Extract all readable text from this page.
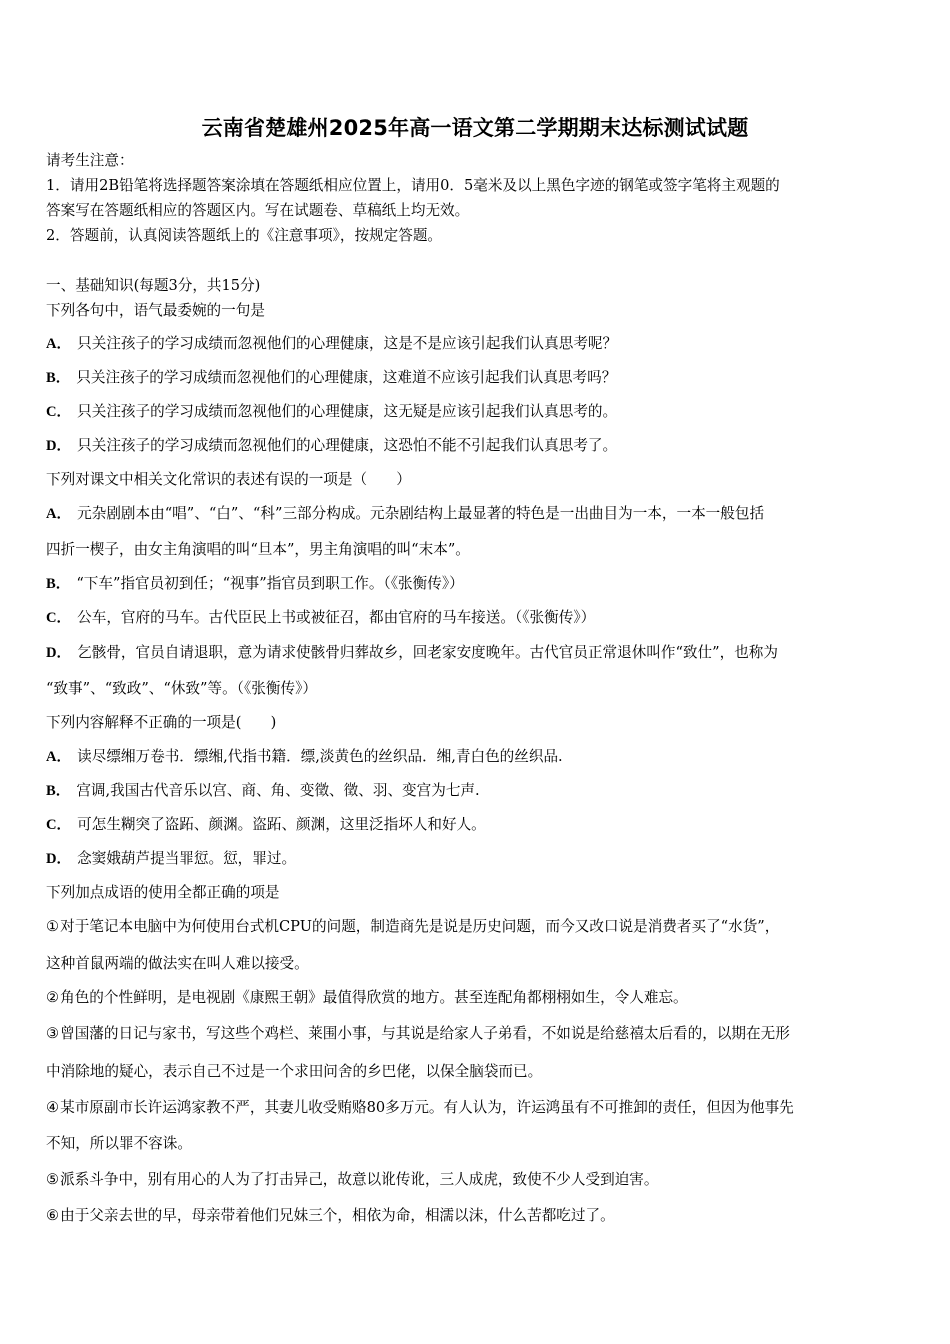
云南省楚雄州2025年高一语文第二学期期末达标测试试题
请考生注意：
1．请用2B铅笔将选择题答案涂填在答题纸相应位置上，请用0．5毫米及以上黑色字迹的钢笔或签字笔将主观题的
答案写在答题纸相应的答题区内。写在试题卷、草稿纸上均无效。
2．答题前，认真阅读答题纸上的《注意事项》，按规定答题。
一、基础知识(每题3分，共15分)
下列各句中，语气最委婉的一句是
A． 只关注孩子的学习成绩而忽视他们的心理健康，这是不是应该引起我们认真思考呢？
B． 只关注孩子的学习成绩而忽视他们的心理健康，这难道不应该引起我们认真思考吗？
C． 只关注孩子的学习成绩而忽视他们的心理健康，这无疑是应该引起我们认真思考的。
D． 只关注孩子的学习成绩而忽视他们的心理健康，这恐怕不能不引起我们认真思考了。
下列对课文中相关文化常识的表述有误的一项是（　　）
A． 元杂剧剧本由“唱”、“白”、“科”三部分构成。元杂剧结构上最显著的特色是一出曲目为一本，一本一般包括
四折一楔子，由女主角演唱的叫“旦本”，男主角演唱的叫“末本”。
B． “下车”指官员初到任；“视事”指官员到职工作。（《张衡传》）
C． 公车，官府的马车。古代臣民上书或被征召，都由官府的马车接送。（《张衡传》）
D． 乞骸骨，官员自请退职，意为请求使骸骨归葬故乡，回老家安度晚年。古代官员正常退休叫作“致仕”，也称为
“致事”、“致政”、“休致”等。（《张衡传》）
下列内容解释不正确的一项是(　　)
A． 读尽缥缃万卷书．缥缃,代指书籍．缥,淡黄色的丝织品．缃,青白色的丝织品.
B． 宫调,我国古代音乐以宫、商、角、变徵、徵、羽、变宫为七声.
C． 可怎生糊突了盗跖、颜渊。盗跖、颜渊，这里泛指坏人和好人。
D． 念窦娥葫芦提当罪愆。愆，罪过。
下列加点成语的使用全都正确的项是
①对于笔记本电脑中为何使用台式机CPU的问题，制造商先是说是历史问题，而今又改口说是消费者买了“水货”，
这种首鼠两端的做法实在叫人难以接受。
②角色的个性鲜明，是电视剧《康熙王朝》最值得欣赏的地方。甚至连配角都栩栩如生，令人难忘。
③曾国藩的日记与家书，写这些个鸡栏、莱围小事，与其说是给家人子弟看，不如说是给慈禧太后看的，以期在无形
中消除地的疑心，表示自己不过是一个求田问舍的乡巴佬，以保全脑袋而已。
④某市原副市长许运鸿家教不严，其妻儿收受贿赂80多万元。有人认为，许运鸿虽有不可推卸的责任，但因为他事先
不知，所以罪不容诛。
⑤派系斗争中，别有用心的人为了打击异己，故意以讹传讹，三人成虎，致使不少人受到迫害。
⑥由于父亲去世的早，母亲带着他们兄妹三个，相依为命，相濡以沫，什么苦都吃过了。
